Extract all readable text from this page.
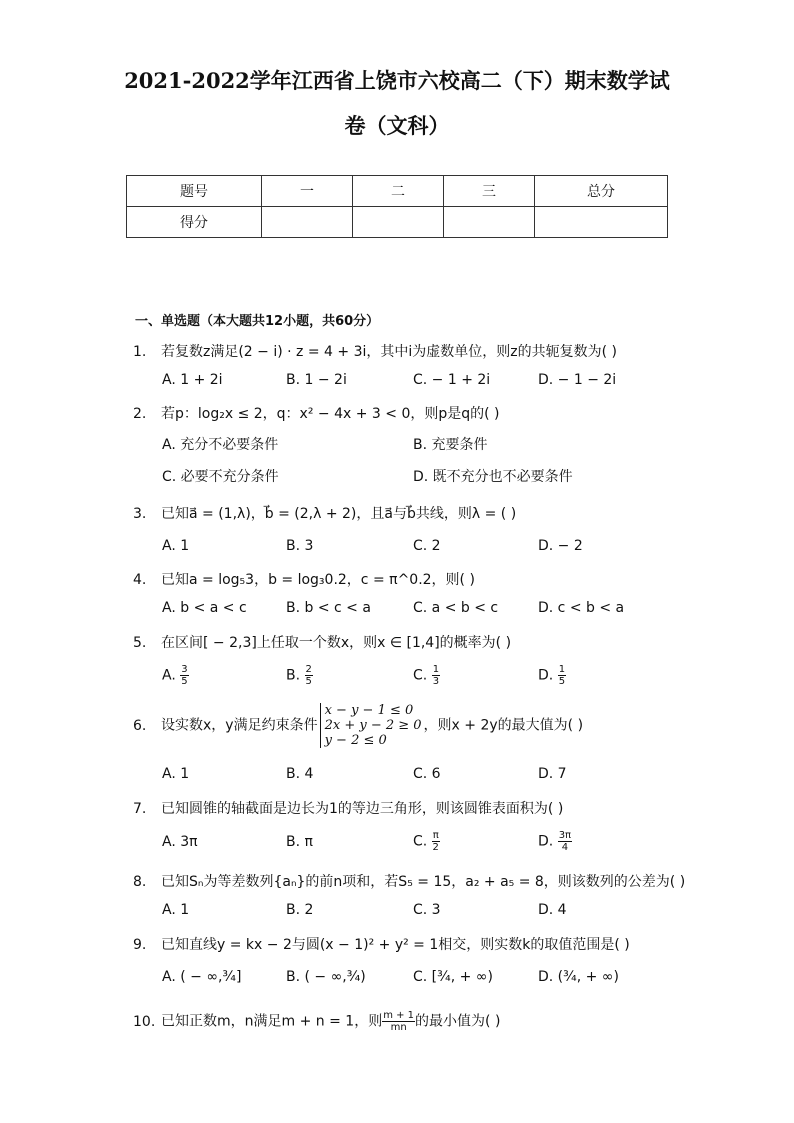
2021-2022学年江西省上饶市六校高二（下）期末数学试
卷（文科）
题号	一	二	三	总分
得分				
一、单选题（本大题共12小题，共60分）
1. 若复数z满足(2 − i) · z = 4 + 3i，其中i为虚数单位，则z的共轭复数为( )
A. 1 + 2i	B. 1 − 2i	C. − 1 + 2i	D. − 1 − 2i
2. 若p：log₂x ≤ 2，q：x² − 4x + 3 < 0，则p是q的( )
A. 充分不必要条件	B. 充要条件
C. 必要不充分条件	D. 既不充分也不必要条件
3. 已知a⃗ = (1,λ)，b⃗ = (2,λ + 2)，且a⃗与b⃗共线，则λ = ( )
A. 1	B. 3	C. 2	D. − 2
4. 已知a = log₅3，b = log₃0.2，c = π^0.2，则( )
A. b < a < c	B. b < c < a	C. a < b < c	D. c < b < a
5. 在区间[ − 2,3]上任取一个数x，则x ∈ [1,4]的概率为( )
A. $\frac{3}{5}$	B. $\frac{2}{5}$	C. $\frac{1}{3}$	D. $\frac{1}{5}$
6. 设实数x，y满足约束条件
x − y − 1 ≤ 0
2x + y − 2 ≥ 0
y − 2 ≤ 0
，则x + 2y的最大值为( )
A. 1	B. 4	C. 6	D. 7
7. 已知圆锥的轴截面是边长为1的等边三角形，则该圆锥表面积为( )
A. 3π	B. π	C. $\frac{\pi}{2}$	D. $\frac{3\pi}{4}$
8. 已知Sₙ为等差数列{aₙ}的前n项和，若S₅ = 15，a₂ + a₅ = 8，则该数列的公差为( )
A. 1	B. 2	C. 3	D. 4
9. 已知直线y = kx − 2与圆(x − 1)² + y² = 1相交，则实数k的取值范围是( )
A. ( − ∞,¾]	B. ( − ∞,¾)	C. [¾, + ∞)	D. (¾, + ∞)
10. 已知正数m，n满足m + n = 1，则 $\frac{m + 1}{mn}$ 的最小值为( )
